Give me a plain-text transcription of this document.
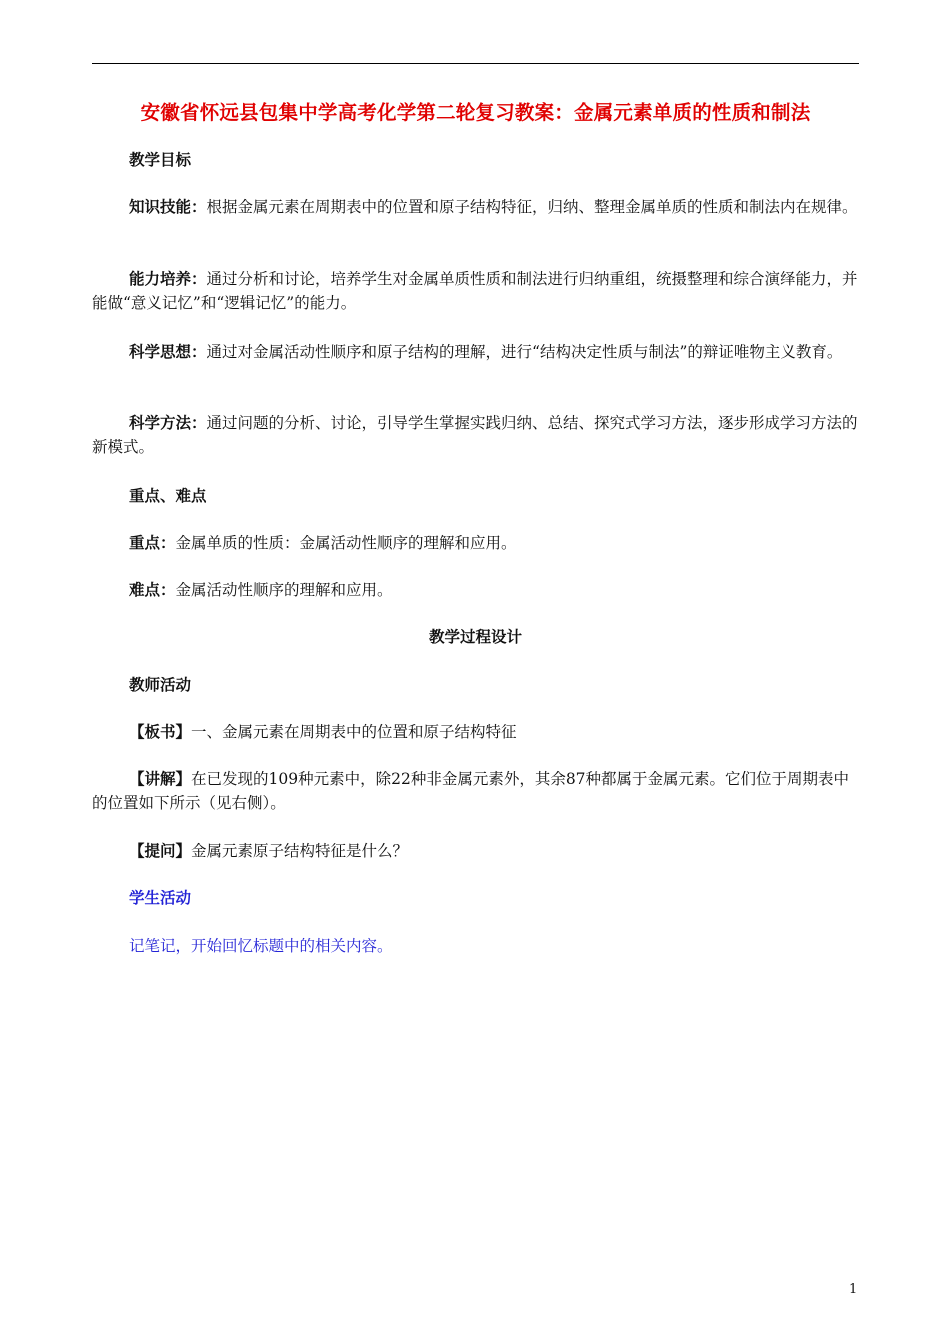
安徽省怀远县包集中学高考化学第二轮复习教案：金属元素单质的性质和制法
教学目标
知识技能：根据金属元素在周期表中的位置和原子结构特征，归纳、整理金属单质的性质和制法内在规律。
能力培养：通过分析和讨论，培养学生对金属单质性质和制法进行归纳重组，统摄整理和综合演绎能力，并能做“意义记忆”和“逻辑记忆”的能力。
科学思想：通过对金属活动性顺序和原子结构的理解，进行“结构决定性质与制法”的辩证唯物主义教育。
科学方法：通过问题的分析、讨论，引导学生掌握实践归纳、总结、探究式学习方法，逐步形成学习方法的新模式。
重点、难点
重点：金属单质的性质：金属活动性顺序的理解和应用。
难点：金属活动性顺序的理解和应用。
教学过程设计
教师活动
【板书】一、金属元素在周期表中的位置和原子结构特征
【讲解】在已发现的109种元素中，除22种非金属元素外，其余87种都属于金属元素。它们位于周期表中的位置如下所示（见右侧）。
【提问】金属元素原子结构特征是什么？
学生活动
记笔记，开始回忆标题中的相关内容。
1
